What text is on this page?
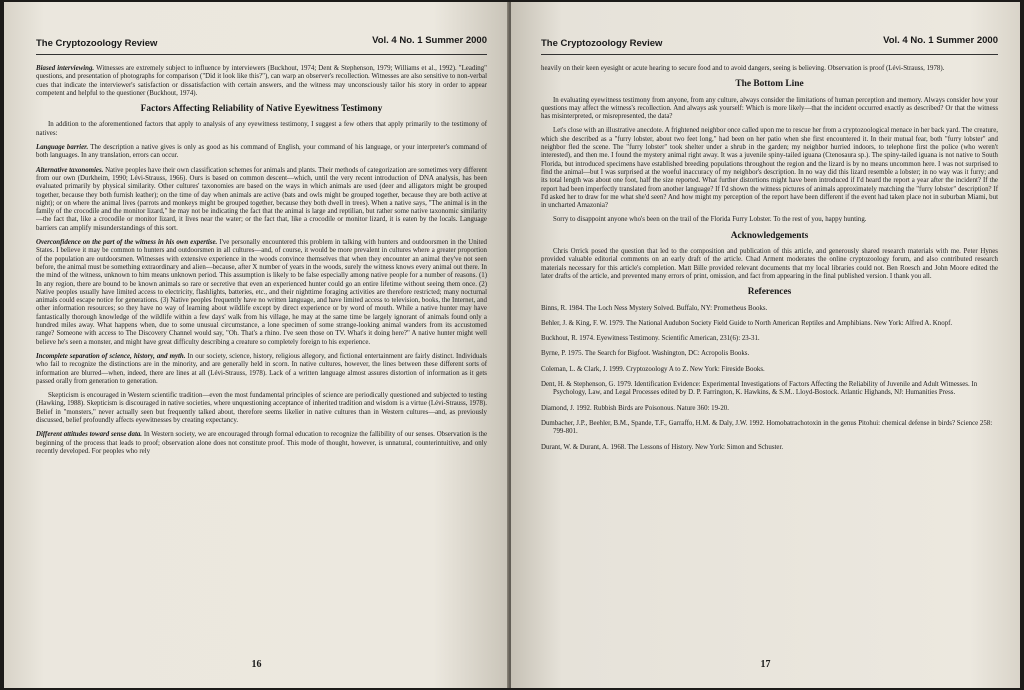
The Cryptozoology Review	Vol. 4 No. 1 Summer 2000

Biased interviewing. Witnesses are extremely subject to influence by interviewers (Buckhout, 1974; Dent & Stephenson, 1979; Williams et al., 1992). "Leading" questions, and presentation of photographs for comparison ("Did it look like this?"), can warp an observer's recollection. Witnesses are also sensitive to non-verbal cues that indicate the interviewer's satisfaction or dissatisfaction with certain answers, and the witness may unconsciously tailor his story in order to appear competent and helpful to the questioner (Buckhout, 1974).

Factors Affecting Reliability of Native Eyewitness Testimony

In addition to the aforementioned factors that apply to analysis of any eyewitness testimony, I suggest a few others that apply primarily to the testimony of natives:

Language barrier. The description a native gives is only as good as his command of English, your command of his language, or your interpreter's command of both languages. In any translation, errors can occur.

Alternative taxonomies. Native peoples have their own classification schemes for animals and plants. Their methods of categorization are sometimes very different from our own (Durkheim, 1990; Lévi-Strauss, 1966). Ours is based on common descent—which, until the very recent introduction of DNA analysis, has been evaluated primarily by physical similarity. Other cultures' taxonomies are based on the ways in which animals are used (deer and alligators might be grouped together, because they both furnish leather); on the time of day when animals are active (bats and owls might be grouped together, because they are both active at night); or on where the animal lives (parrots and monkeys might be grouped together, because they both dwell in trees). When a native says, "The animal is in the family of the crocodile and the monitor lizard," he may not be indicating the fact that the animal is large and reptilian, but rather some native taxonomic similarity—the fact that, like a crocodile or monitor lizard, it lives near the water; or the fact that, like a crocodile or monitor lizard, it is eaten by the locals. Language barriers can amplify misunderstandings of this sort.

Overconfidence on the part of the witness in his own expertise. I've personally encountered this problem in talking with hunters and outdoorsmen in the United States. I believe it may be common to hunters and outdoorsmen in all cultures—and, of course, it would be more prevalent in cultures where a greater proportion of the population are outdoorsmen. Witnesses with extensive experience in the woods convince themselves that when they encounter an animal they've not seen before, the animal must be something extraordinary and alien—because, after X number of years in the woods, surely the witness knows every animal out there. In the mind of the witness, unknown to him means unknown period. This assumption is likely to be false especially among native people for a number of reasons. (1) In any region, there are bound to be known animals so rare or secretive that even an experienced hunter could go an entire lifetime without seeing them once. (2) Native peoples usually have limited access to electricity, flashlights, batteries, etc., and their nighttime foraging activities are therefore restricted; many nocturnal animals could escape notice for generations. (3) Native peoples frequently have no written language, and have limited access to television, books, the Internet, and other information resources; so they have no way of learning about wildlife except by direct experience or by word of mouth. While a native hunter may have fantastically thorough knowledge of the wildlife within a few days' walk from his village, he may at the same time be largely ignorant of animals found only a hundred miles away. What happens when, due to some unusual circumstance, a lone specimen of some strange-looking animal wanders from its accustomed range? Someone with access to The Discovery Channel would say, "Oh. That's a rhino. I've seen those on TV. What's it doing here?" A native hunter might well believe he's seen a monster, and might have great difficulty describing a creature so completely foreign to his experience.

Incomplete separation of science, history, and myth. In our society, science, history, religious allegory, and fictional entertainment are fairly distinct. Individuals who fail to recognize the distinctions are in the minority, and are generally held in scorn. In native cultures, however, the lines between these different sorts of information are blurred—when, indeed, there are lines at all (Lévi-Strauss, 1978). Lack of a written language almost assures distortion of information as it gets passed orally from generation to generation.

Skepticism is encouraged in Western scientific tradition—even the most fundamental principles of science are periodically questioned and subjected to testing (Hawking, 1988). Skepticism is discouraged in native societies, where unquestioning acceptance of inherited tradition and wisdom is a virtue (Lévi-Strauss, 1978). Belief in "monsters," never actually seen but frequently talked about, therefore seems likelier in native cultures than in Western cultures—and, as previously discussed, belief profoundly affects eyewitnesses by creating expectancy.

Different attitudes toward sense data. In Western society, we are encouraged through formal education to recognize the fallibility of our senses. Observation is the beginning of the process that leads to proof; observation alone does not constitute proof. This mode of thought, however, is unnatural, counterintuitive, and only recently developed. For peoples who rely

16
The Cryptozoology Review	Vol. 4 No. 1 Summer 2000

heavily on their keen eyesight or acute hearing to secure food and to avoid dangers, seeing is believing. Observation is proof (Lévi-Strauss, 1978).

The Bottom Line

In evaluating eyewitness testimony from anyone, from any culture, always consider the limitations of human perception and memory. Always consider how your questions may affect the witness's recollection. And always ask yourself: Which is more likely—that the incident occurred exactly as described? Or that the witness has misinterpreted, or misrepresented, the data?

Let's close with an illustrative anecdote. A frightened neighbor once called upon me to rescue her from a cryptozoological menace in her back yard. The creature, which she described as a "furry lobster, about two feet long," had been on her patio when she first encountered it. In their mutual fear, both "furry lobster" and neighbor fled the scene. The "furry lobster" took shelter under a shrub in the garden; my neighbor hurried indoors, to telephone first the police (who weren't interested), and then me. I found the mystery animal right away. It was a juvenile spiny-tailed iguana (Ctenosaura sp.). The spiny-tailed iguana is not native to South Florida, but introduced specimens have established breeding populations throughout the region and the lizard is by no means uncommon here. I was not surprised to find the animal—but I was surprised at the woeful inaccuracy of my neighbor's description. In no way did this lizard resemble a lobster; in no way was it furry; and its total length was about one foot, half the size reported. What further distortions might have been introduced if I'd heard the report a year after the incident? If the report had been imperfectly translated from another language? If I'd shown the witness pictures of animals approximately matching the "furry lobster" description? If I'd asked her to draw for me what she'd seen? And how might my perception of the report have been different if the event had taken place not in suburban Miami, but in uncharted Amazonia?

Sorry to disappoint anyone who's been on the trail of the Florida Furry Lobster. To the rest of you, happy hunting.

Acknowledgements

Chris Orrick posed the question that led to the composition and publication of this article, and generously shared research materials with me. Peter Hynes provided valuable editorial comments on an early draft of the article. Chad Arment moderates the online cryptozoology forum, and also contributed research materials necessary for this article's completion. Matt Bille provided relevant documents that my local libraries could not. Ben Roesch and John Moore edited the later drafts of the article, and prevented many errors of print, omission, and fact from appearing in the final published version. I thank you all.

References

Binns, R. 1984. The Loch Ness Mystery Solved. Buffalo, NY: Prometheus Books.

Behler, J. & King, F. W. 1979. The National Audubon Society Field Guide to North American Reptiles and Amphibians. New York: Alfred A. Knopf.

Buckhout, R. 1974. Eyewitness Testimony. Scientific American, 231(6): 23-31.

Byrne, P. 1975. The Search for Bigfoot. Washington, DC: Acropolis Books.

Coleman, L. & Clark, J. 1999. Cryptozoology A to Z. New York: Fireside Books.

Dent, H. & Stephenson, G. 1979. Identification Evidence: Experimental Investigations of Factors Affecting the Reliability of Juvenile and Adult Witnesses. In Psychology, Law, and Legal Processes edited by D. P. Farrington, K. Hawkins, & S.M.. Lloyd-Bostock. Atlantic Highands, NJ: Humanities Press.

Diamond, J. 1992. Rubbish Birds are Poisonous. Nature 360: 19-20.

Dumbacher, J.P., Beehler, B.M., Spande, T.F., Garraffo, H.M. & Daly, J.W. 1992. Homobatrachotoxin in the genus Pitohui: chemical defense in birds? Science 258: 799-801.

Durant, W. & Durant, A. 1968. The Lessons of History. New York: Simon and Schuster.

17
